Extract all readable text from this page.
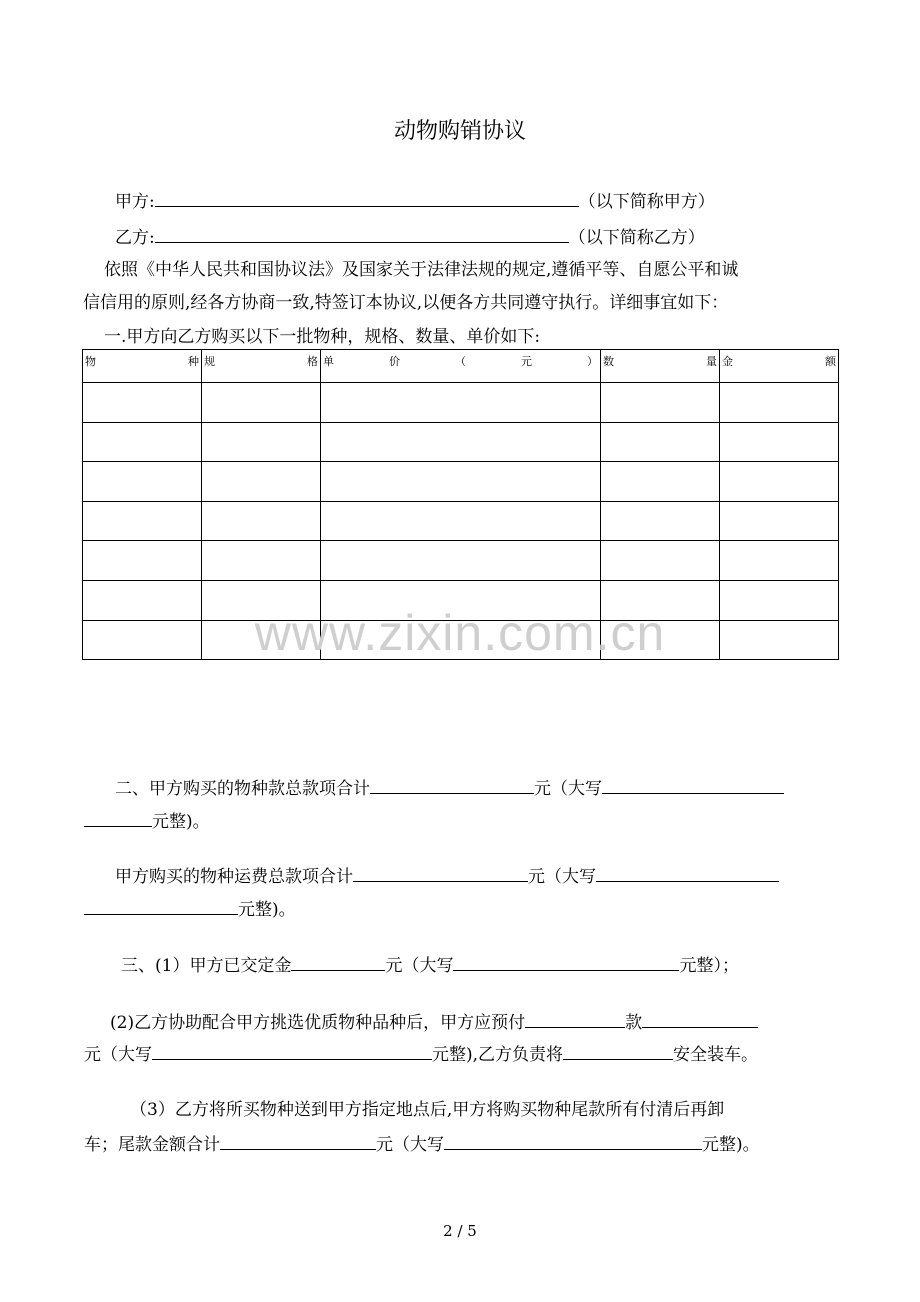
动物购销协议
甲方:	（以下简称甲方）
乙方:	（以下简称乙方）
依照《中华人民共和国协议法》及国家关于法律法规的规定,遵循平等、自愿公平和诚
信信用的原则,经各方协商一致,特签订本协议,以便各方共同遵守执行。详细事宜如下：
一.甲方向乙方购买以下一批物种，规格、数量、单价如下:
物 种	规 格	单 价 （ 元 ）	数 量	金 额

www.zixin.com.cn
二、甲方购买的物种款总款项合计	元（大写
元整)。
甲方购买的物种运费总款项合计	元（大写
元整)。
三、(1）甲方已交定金	元（大写	元整）；
(2)乙方协助配合甲方挑选优质物种品种后，甲方应预付	款
元（大写	元整),乙方负责将	安全装车。
（3）乙方将所买物种送到甲方指定地点后,甲方将购买物种尾款所有付清后再卸
车；尾款金额合计	元（大写	元整)。
2 / 5
